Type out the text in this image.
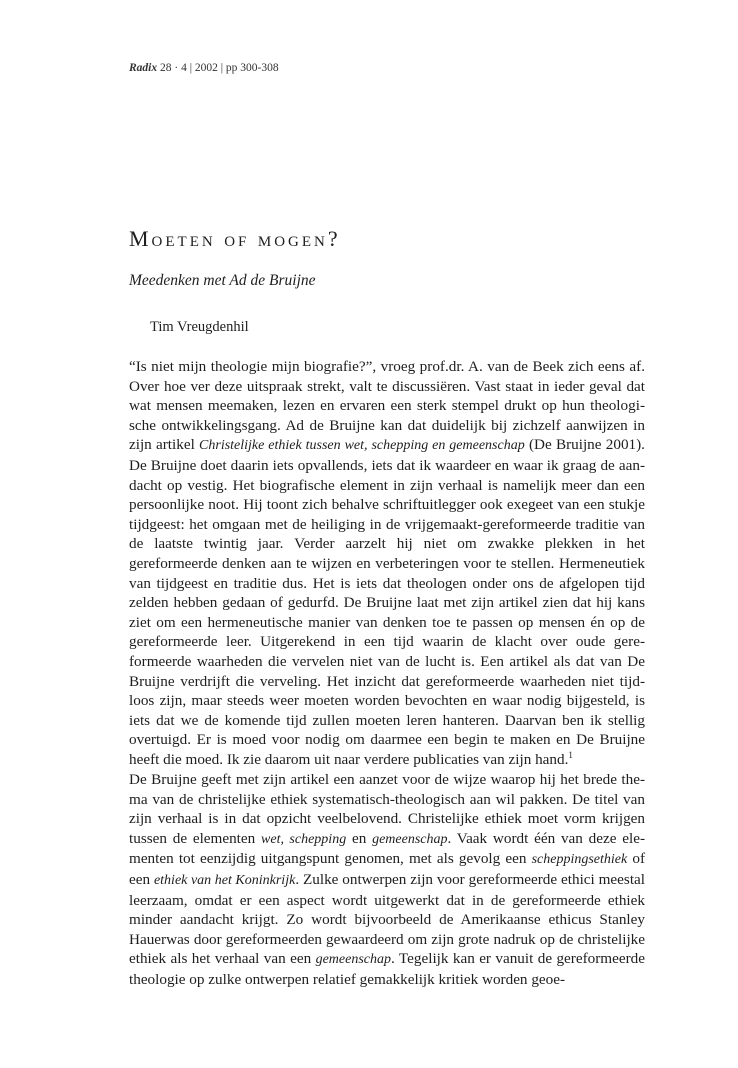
Radix 28 · 4 | 2002 | pp 300-308
Moeten of mogen?
Meedenken met Ad de Bruijne
Tim Vreugdenhil

“Is niet mijn theologie mijn biografie?”, vroeg prof.dr. A. van de Beek zich eens af. Over hoe ver deze uitspraak strekt, valt te discussiëren. Vast staat in ieder geval dat wat mensen meemaken, lezen en ervaren een sterk stempel drukt op hun theologische ontwikkelingsgang. Ad de Bruijne kan dat duidelijk bij zichzelf aanwijzen in zijn artikel Christelijke ethiek tussen wet, schepping en gemeenschap (De Bruijne 2001). De Bruijne doet daarin iets opvallends, iets dat ik waardeer en waar ik graag de aandacht op vestig. Het biografische element in zijn verhaal is namelijk meer dan een persoonlijke noot. Hij toont zich behalve schriftuitlegger ook exegeet van een stukje tijdgeest: het omgaan met de heiliging in de vrijgemaakt-gereformeerde traditie van de laatste twintig jaar. Verder aarzelt hij niet om zwakke plekken in het gereformeerde denken aan te wijzen en verbeteringen voor te stellen. Hermeneutiek van tijdgeest en traditie dus. Het is iets dat theologen onder ons de afgelopen tijd zelden hebben gedaan of gedurfd. De Bruijne laat met zijn artikel zien dat hij kans ziet om een hermeneutische manier van denken toe te passen op mensen én op de gereformeerde leer. Uitgerekend in een tijd waarin de klacht over oude gereformeerde waarheden die vervelen niet van de lucht is. Een artikel als dat van De Bruijne verdrijft die verveling. Het inzicht dat gereformeerde waarheden niet tijdloos zijn, maar steeds weer moeten worden bevochten en waar nodig bijgesteld, is iets dat we de komende tijd zullen moeten leren hanteren. Daarvan ben ik stellig overtuigd. Er is moed voor nodig om daarmee een begin te maken en De Bruijne heeft die moed. Ik zie daarom uit naar verdere publicaties van zijn hand.$^1$

De Bruijne geeft met zijn artikel een aanzet voor de wijze waarop hij het brede thema van de christelijke ethiek systematisch-theologisch aan wil pakken. De titel van zijn verhaal is in dat opzicht veelbelovend. Christelijke ethiek moet vorm krijgen tussen de elementen wet, schepping en gemeenschap. Vaak wordt één van deze elementen tot eenzijdig uitgangspunt genomen, met als gevolg een scheppingsethiek of een ethiek van het Koninkrijk. Zulke ontwerpen zijn voor gereformeerde ethici meestal leerzaam, omdat er een aspect wordt uitgewerkt dat in de gereformeerde ethiek minder aandacht krijgt. Zo wordt bijvoorbeeld de Amerikaanse ethicus Stanley Hauerwas door gereformeerden gewaardeerd om zijn grote nadruk op de christelijke ethiek als het verhaal van een gemeenschap. Tegelijk kan er vanuit de gereformeerde theologie op zulke ontwerpen relatief gemakkelijk kritiek worden geoe-
